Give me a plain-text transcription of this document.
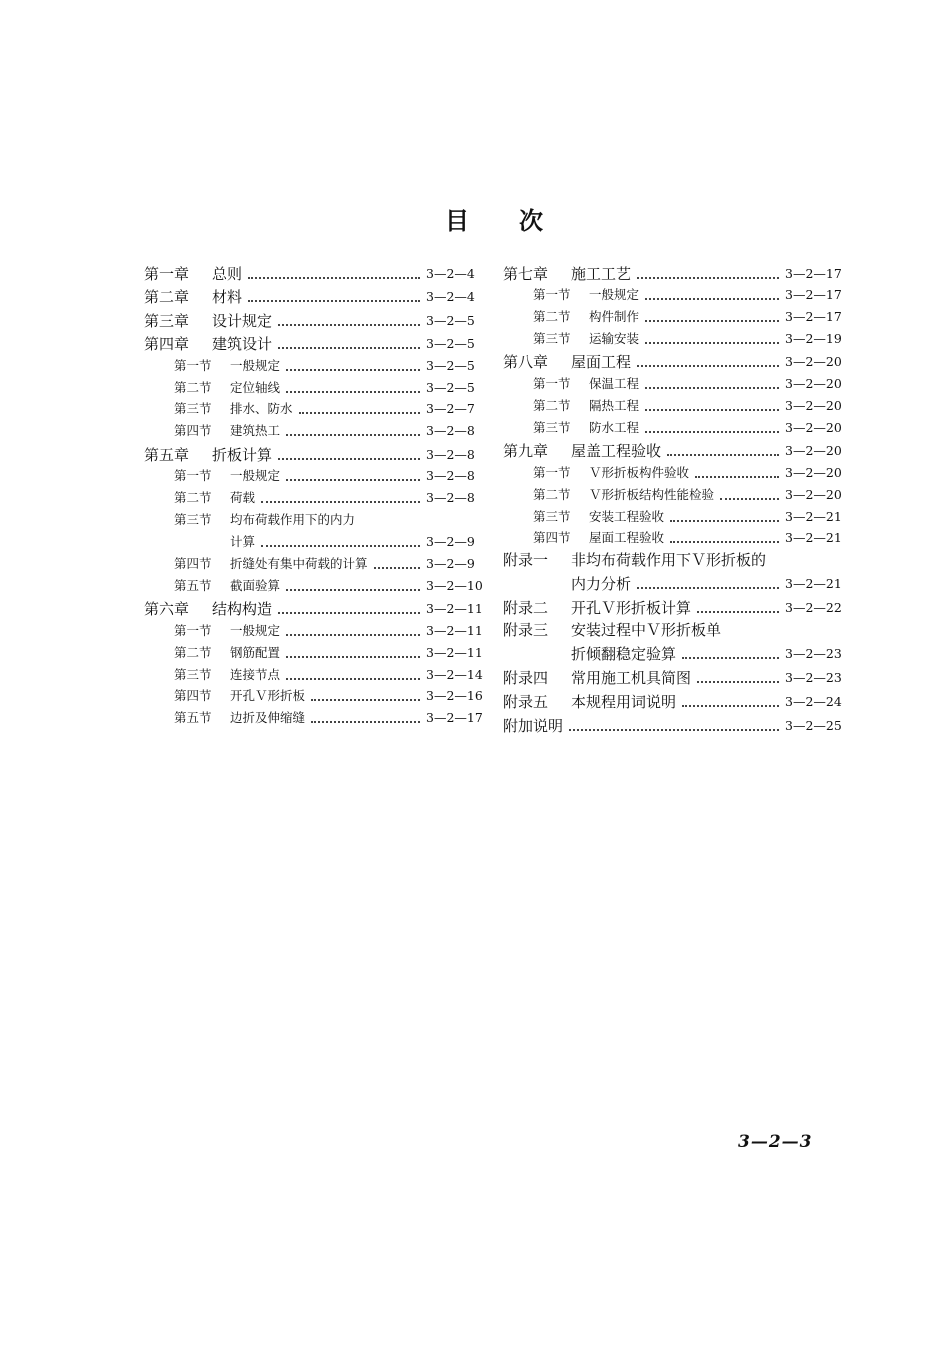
目 次
第一章	总则	3—2—4
第二章	材料	3—2—4
第三章	设计规定	3—2—5
第四章	建筑设计	3—2—5
第一节	一般规定	3—2—5
第二节	定位轴线	3—2—5
第三节	排水、防水	3—2—7
第四节	建筑热工	3—2—8
第五章	折板计算	3—2—8
第一节	一般规定	3—2—8
第二节	荷载	3—2—8
第三节	均布荷载作用下的内力
计算	3—2—9
第四节	折缝处有集中荷载的计算	3—2—9
第五节	截面验算	3—2—10
第六章	结构构造	3—2—11
第一节	一般规定	3—2—11
第二节	钢筋配置	3—2—11
第三节	连接节点	3—2—14
第四节	开孔Ｖ形折板	3—2—16
第五节	边折及伸缩缝	3—2—17
第七章	施工工艺	3—2—17
第一节	一般规定	3—2—17
第二节	构件制作	3—2—17
第三节	运输安装	3—2—19
第八章	屋面工程	3—2—20
第一节	保温工程	3—2—20
第二节	隔热工程	3—2—20
第三节	防水工程	3—2—20
第九章	屋盖工程验收	3—2—20
第一节	Ｖ形折板构件验收	3—2—20
第二节	Ｖ形折板结构性能检验	3—2—20
第三节	安装工程验收	3—2—21
第四节	屋面工程验收	3—2—21
附录一	非均布荷载作用下Ｖ形折板的
内力分析	3—2—21
附录二	开孔Ｖ形折板计算	3—2—22
附录三	安装过程中Ｖ形折板单
折倾翻稳定验算	3—2—23
附录四	常用施工机具简图	3—2—23
附录五	本规程用词说明	3—2—24
附加说明	3—2—25
3—2—3
